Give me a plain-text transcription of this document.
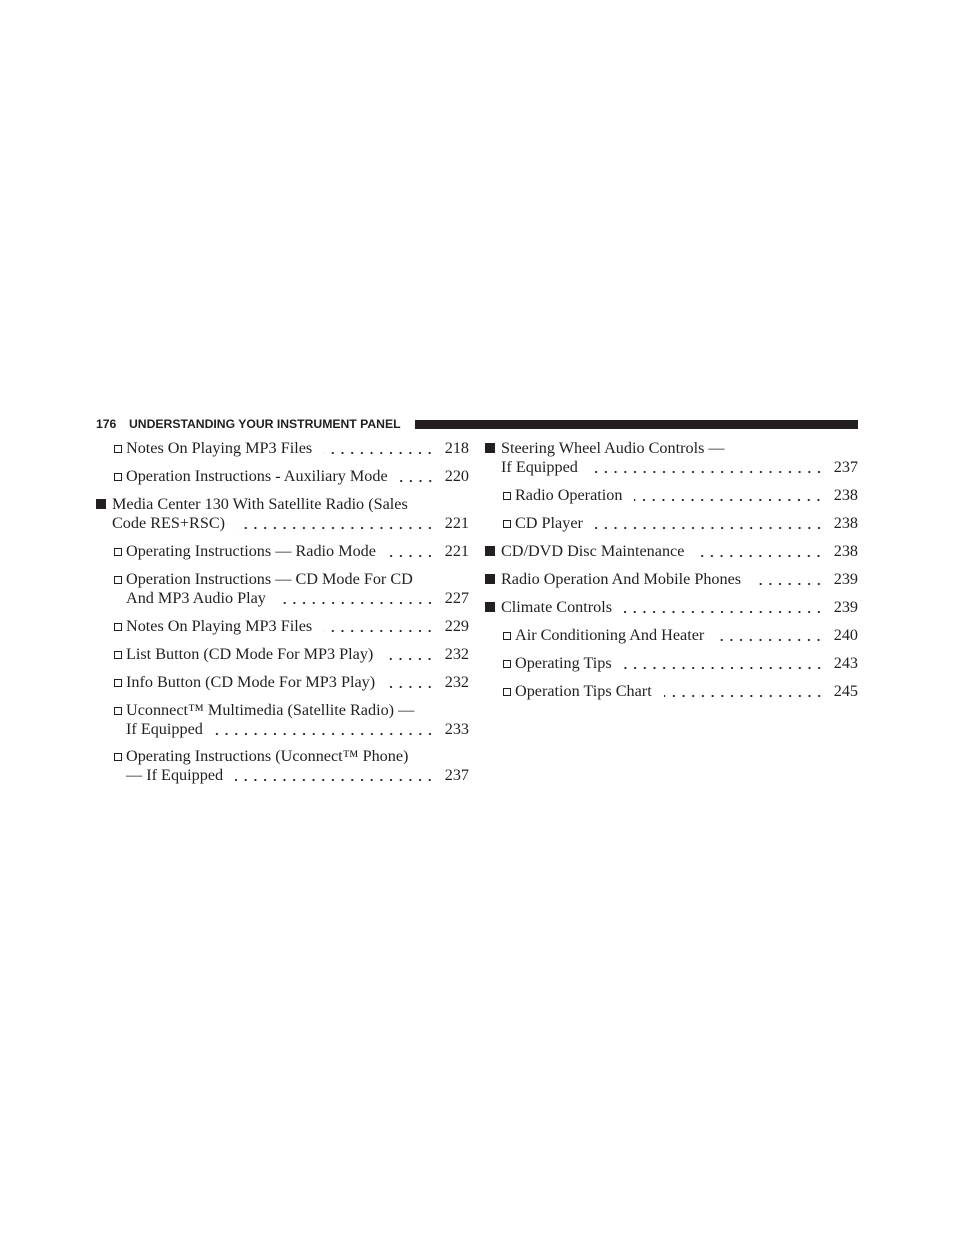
176 UNDERSTANDING YOUR INSTRUMENT PANEL
Notes On Playing MP3 Files	218
Operation Instructions - Auxiliary Mode	220
Media Center 130 With Satellite Radio (Sales
Code RES+RSC)	221
Operating Instructions — Radio Mode	221
Operation Instructions — CD Mode For CD
And MP3 Audio Play	227
Notes On Playing MP3 Files	229
List Button (CD Mode For MP3 Play)	232
Info Button (CD Mode For MP3 Play)	232
Uconnect™ Multimedia (Satellite Radio) —
If Equipped	233
Operating Instructions (Uconnect™ Phone)
— If Equipped	237
Steering Wheel Audio Controls —
If Equipped	237
Radio Operation	238
CD Player	238
CD/DVD Disc Maintenance	238
Radio Operation And Mobile Phones	239
Climate Controls	239
Air Conditioning And Heater	240
Operating Tips	243
Operation Tips Chart	245
